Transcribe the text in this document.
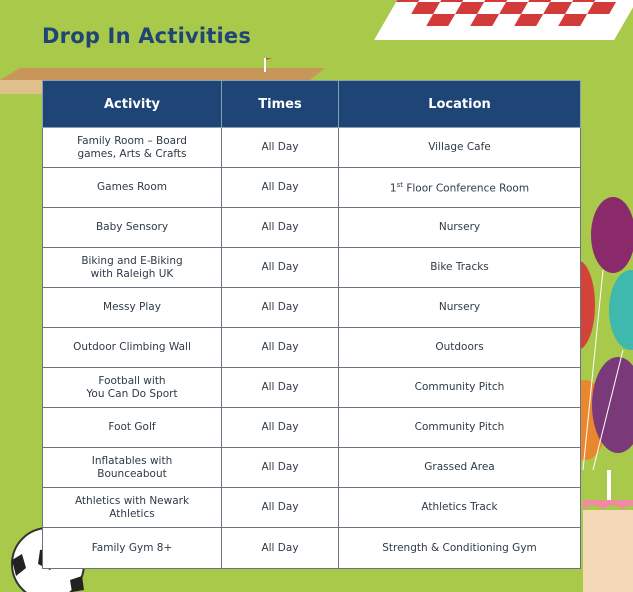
Drop In Activities
Activity	Times	Location
Family Room – Board
games, Arts & Crafts	All Day	Village Cafe
Games Room	All Day	1st Floor Conference Room
Baby Sensory	All Day	Nursery
Biking and E-Biking
with Raleigh UK	All Day	Bike Tracks
Messy Play	All Day	Nursery
Outdoor Climbing Wall	All Day	Outdoors
Football with
You Can Do Sport	All Day	Community Pitch
Foot Golf	All Day	Community Pitch
Inflatables with
Bounceabout	All Day	Grassed Area
Athletics with Newark
Athletics	All Day	Athletics Track
Family Gym 8+	All Day	Strength & Conditioning Gym
